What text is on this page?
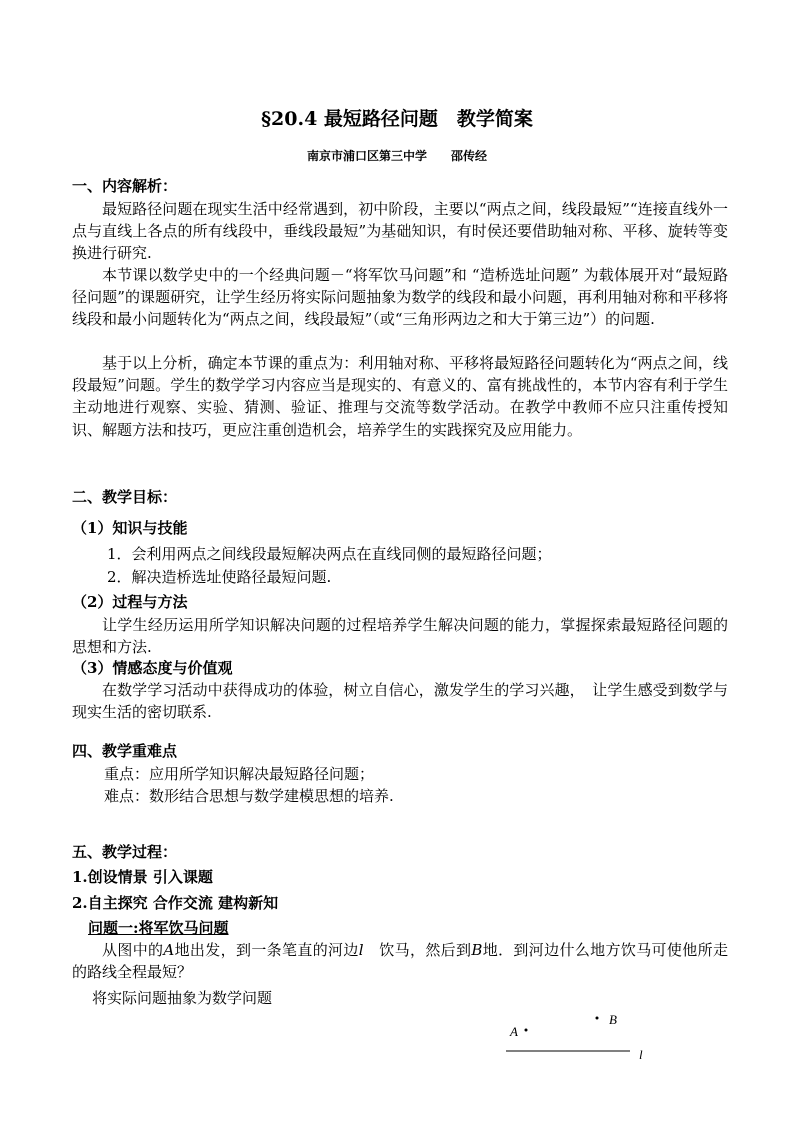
§20.4 最短路径问题　教学简案
南京市浦口区第三中学　　邵传经
一、内容解析：
最短路径问题在现实生活中经常遇到，初中阶段，主要以“两点之间，线段最短”“连接直线外一点与直线上各点的所有线段中，垂线段最短”为基础知识，有时侯还要借助轴对称、平移、旋转等变换进行研究.
本节课以数学史中的一个经典问题－“将军饮马问题”和 “造桥选址问题” 为载体展开对“最短路径问题”的课题研究，让学生经历将实际问题抽象为数学的线段和最小问题，再利用轴对称和平移将线段和最小问题转化为“两点之间，线段最短”（或“三角形两边之和大于第三边”）的问题.
基于以上分析，确定本节课的重点为：利用轴对称、平移将最短路径问题转化为“两点之间，线段最短”问题。学生的数学学习内容应当是现实的、有意义的、富有挑战性的，本节内容有利于学生主动地进行观察、实验、猜测、验证、推理与交流等数学活动。在教学中教师不应只注重传授知识、解题方法和技巧，更应注重创造机会，培养学生的实践探究及应用能力。
二、教学目标：
（1）知识与技能
1．会利用两点之间线段最短解决两点在直线同侧的最短路径问题；
2．解决造桥选址使路径最短问题.
（2）过程与方法
让学生经历运用所学知识解决问题的过程培养学生解决问题的能力，掌握探索最短路径问题的思想和方法.
（3）情感态度与价值观
在数学学习活动中获得成功的体验，树立自信心，激发学生的学习兴趣，　让学生感受到数学与现实生活的密切联系.
四、教学重难点
重点：应用所学知识解决最短路径问题；
难点：数形结合思想与数学建模思想的培养.
五、教学过程：
1.创设情景 引入课题
2.自主探究 合作交流 建构新知
问题一:将军饮马问题
从图中的A地出发，到一条笔直的河边l　饮马，然后到B地．到河边什么地方饮马可使他所走的路线全程最短？
将实际问题抽象为数学问题
A
B
l
